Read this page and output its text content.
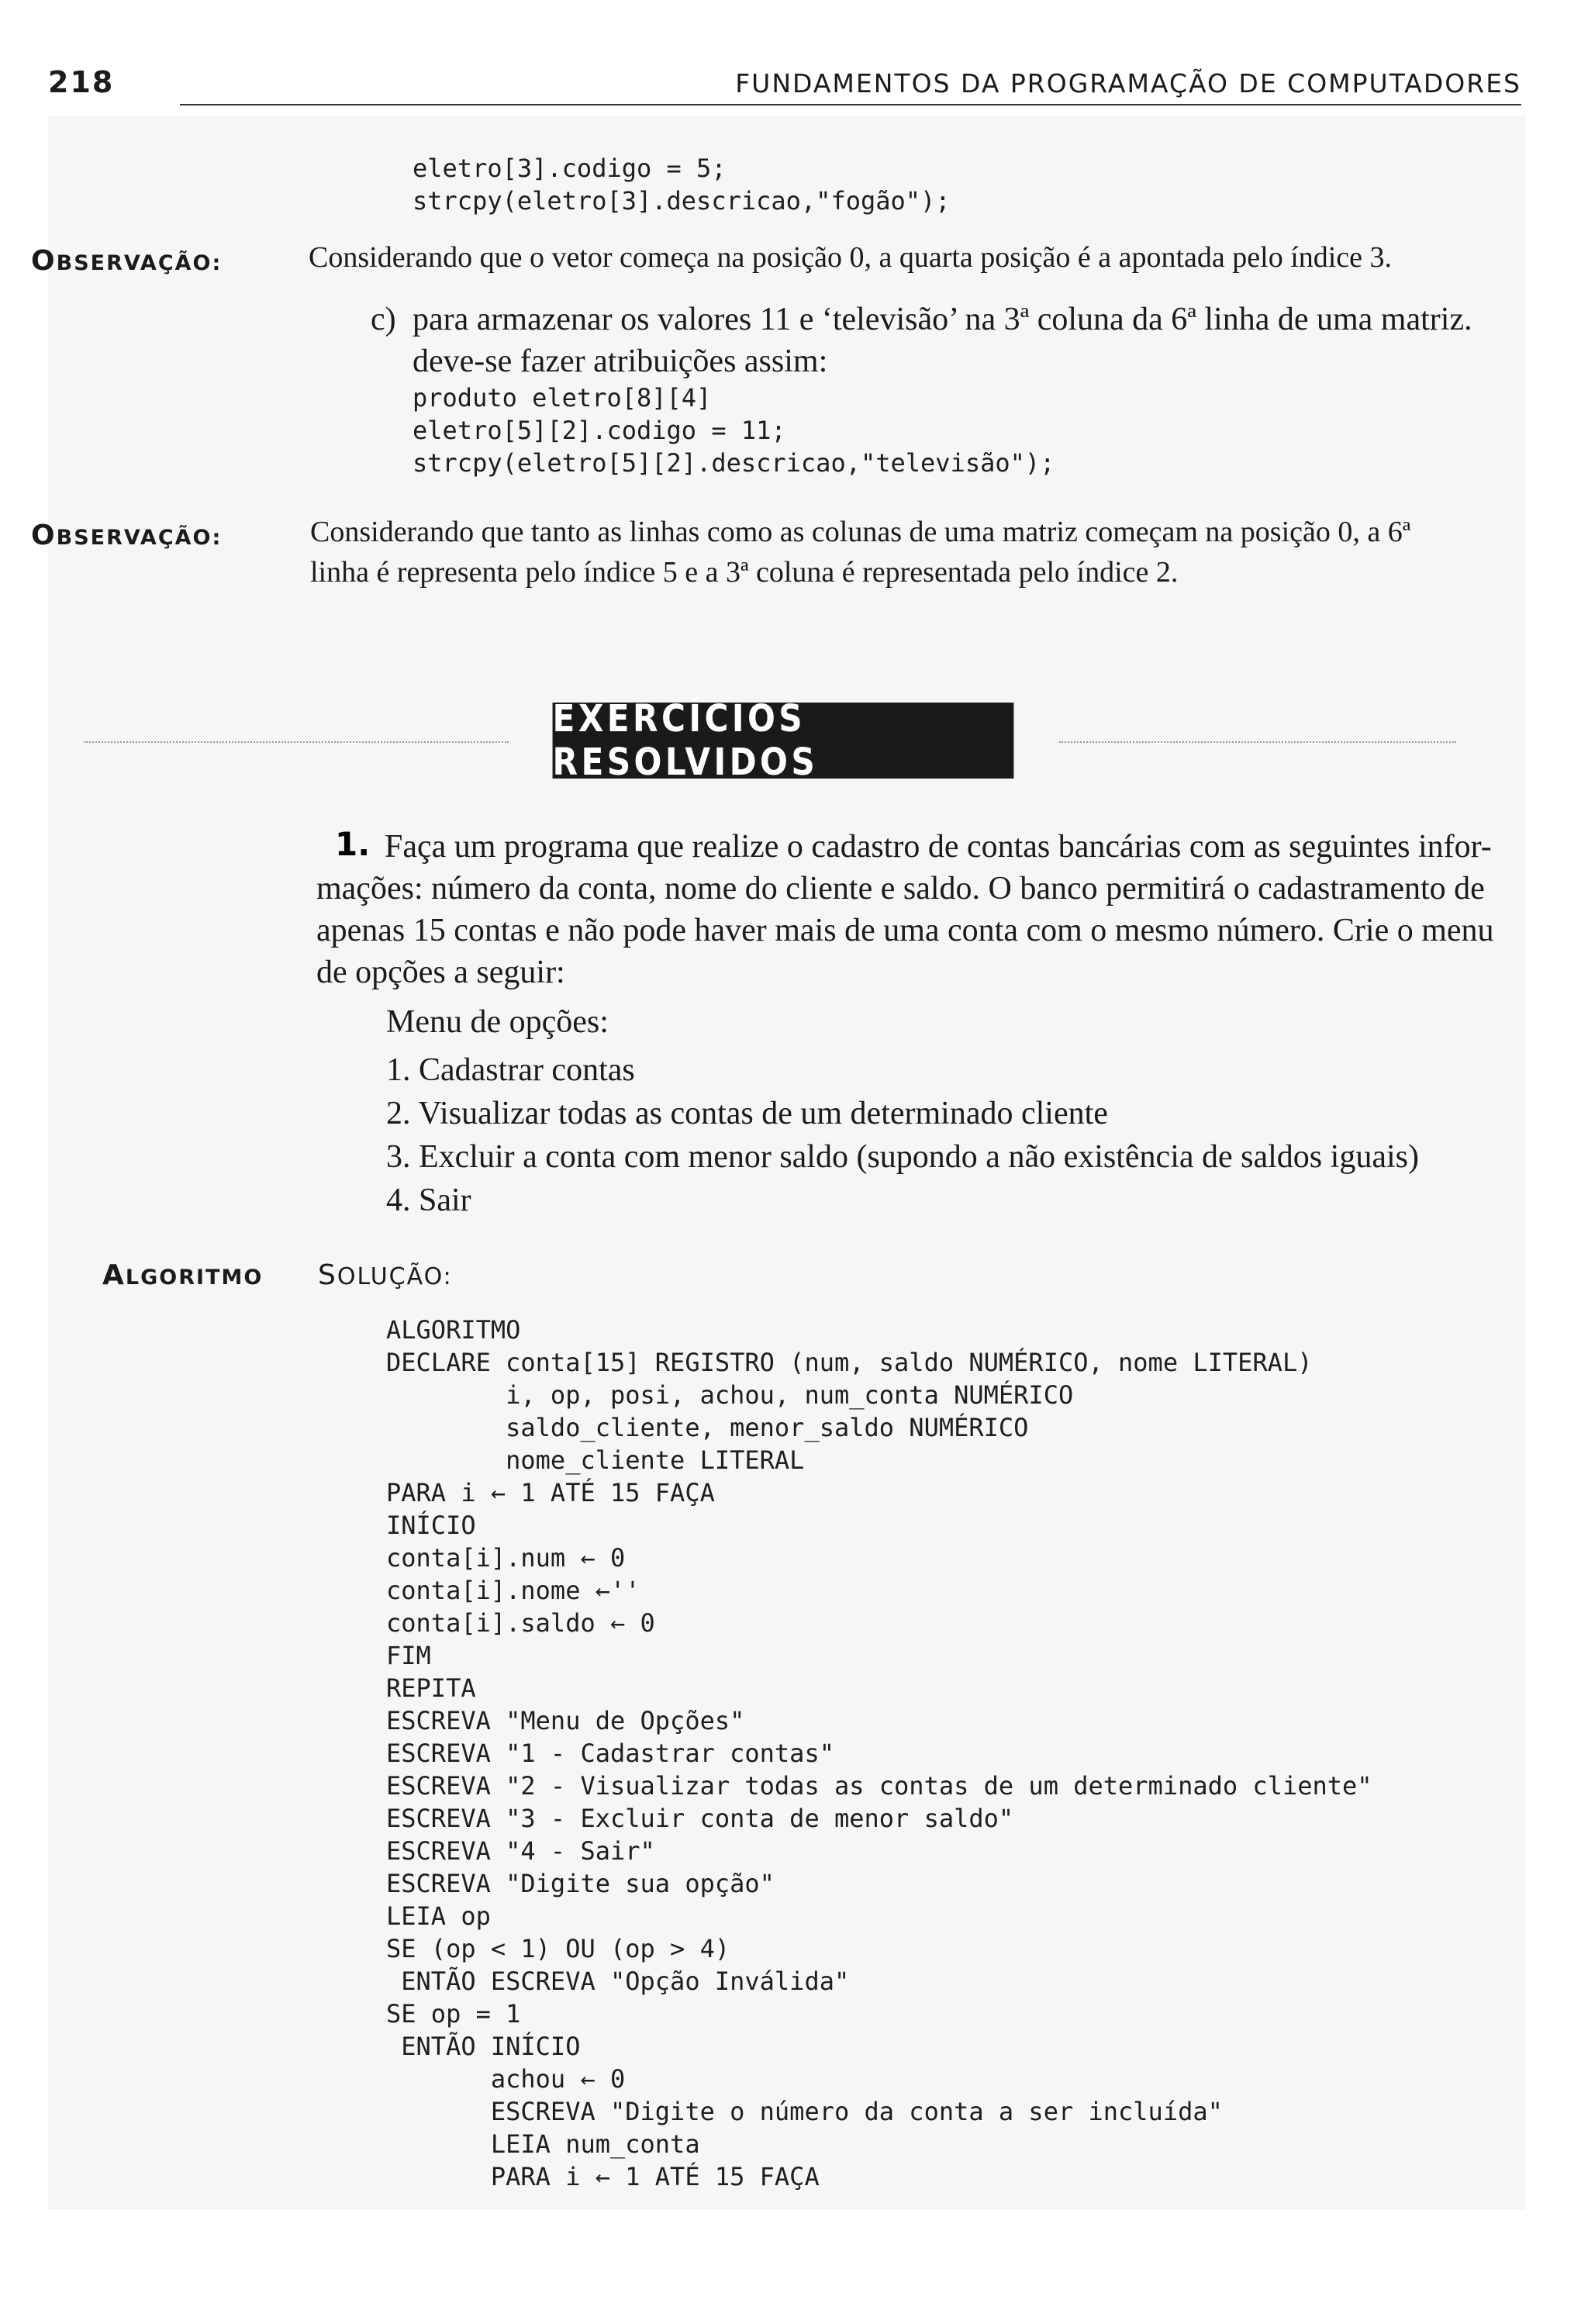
218	FUNDAMENTOS DA PROGRAMAÇÃO DE COMPUTADORES
eletro[3].codigo = 5;
strcpy(eletro[3].descricao,"fogão");
OBSERVAÇÃO:	Considerando que o vetor começa na posição 0, a quarta posição é a apontada pelo índice 3.
c) para armazenar os valores 11 e ‘televisão’ na 3ª coluna da 6ª linha de uma matriz.
deve-se fazer atribuições assim:
produto eletro[8][4]
eletro[5][2].codigo = 11;
strcpy(eletro[5][2].descricao,"televisão");
OBSERVAÇÃO:	Considerando que tanto as linhas como as colunas de uma matriz começam na posição 0, a 6ª
linha é representa pelo índice 5 e a 3ª coluna é representada pelo índice 2.
EXERCÍCIOS RESOLVIDOS
1. Faça um programa que realize o cadastro de contas bancárias com as seguintes infor-
mações: número da conta, nome do cliente e saldo. O banco permitirá o cadastramento de
apenas 15 contas e não pode haver mais de uma conta com o mesmo número. Crie o menu
de opções a seguir:
Menu de opções:
1. Cadastrar contas
2. Visualizar todas as contas de um determinado cliente
3. Excluir a conta com menor saldo (supondo a não existência de saldos iguais)
4. Sair
ALGORITMO SOLUÇÃO:
ALGORITMO
DECLARE conta[15] REGISTRO (num, saldo NUMÉRICO, nome LITERAL)
i, op, posi, achou, num_conta NUMÉRICO
saldo_cliente, menor_saldo NUMÉRICO
nome_cliente LITERAL
PARA i ← 1 ATÉ 15 FAÇA
INÍCIO
conta[i].num ← 0
conta[i].nome ←''
conta[i].saldo ← 0
FIM
REPITA
ESCREVA "Menu de Opções"
ESCREVA "1 - Cadastrar contas"
ESCREVA "2 - Visualizar todas as contas de um determinado cliente"
ESCREVA "3 - Excluir conta de menor saldo"
ESCREVA "4 - Sair"
ESCREVA "Digite sua opção"
LEIA op
SE (op < 1) OU (op > 4)
ENTÃO ESCREVA "Opção Inválida"
SE op = 1
ENTÃO INÍCIO
achou ← 0
ESCREVA "Digite o número da conta a ser incluída"
LEIA num_conta
PARA i ← 1 ATÉ 15 FAÇA
